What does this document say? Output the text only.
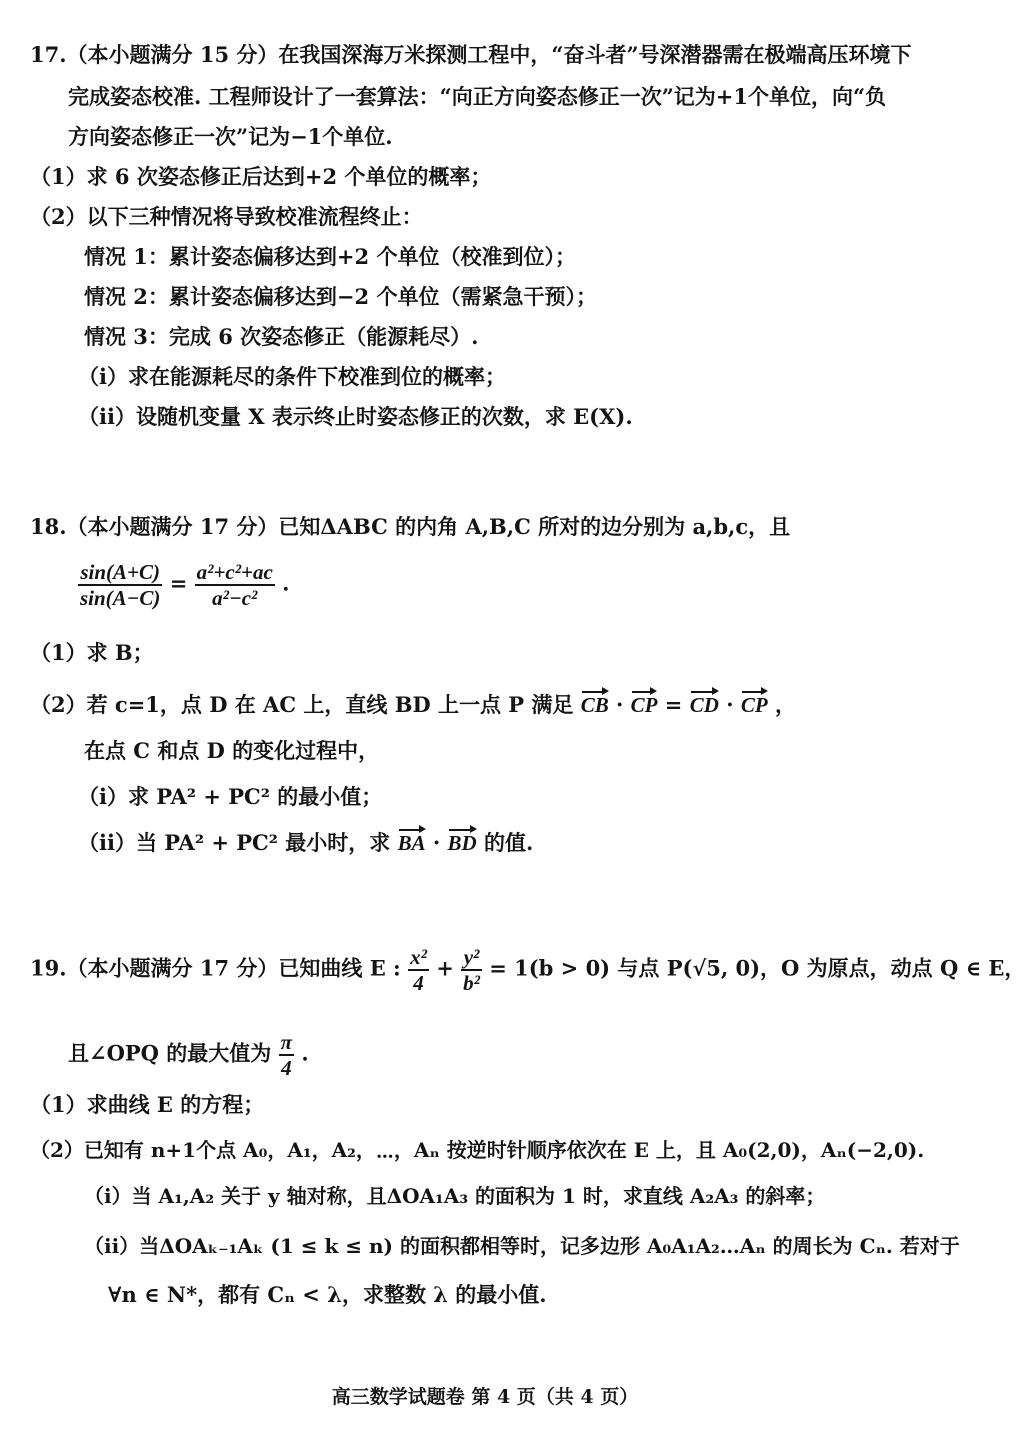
17.（本小题满分 15 分）在我国深海万米探测工程中，“奋斗者”号深潜器需在极端高压环境下
完成姿态校准. 工程师设计了一套算法：“向正方向姿态修正一次”记为+1个单位，向“负
方向姿态修正一次”记为−1个单位.
（1）求 6 次姿态修正后达到+2 个单位的概率；
（2）以下三种情况将导致校准流程终止：
情况 1：累计姿态偏移达到+2 个单位（校准到位）；
情况 2：累计姿态偏移达到−2 个单位（需紧急干预）；
情况 3：完成 6 次姿态修正（能源耗尽）.
（i）求在能源耗尽的条件下校准到位的概率；
（ii）设随机变量 X 表示终止时姿态修正的次数，求 E(X).
18.（本小题满分 17 分）已知ΔABC 的内角 A,B,C 所对的边分别为 a,b,c，且
$\frac{\sin(A+C)}{\sin(A-C)} = \frac{\text{a²+c²+ac}}{\text{a²−c²}}$ .
（1）求 B；
（2）若 c=1，点 D 在 AC 上，直线 BD 上一点 P 满足 CB · CP = CD · CP ，
在点 C 和点 D 的变化过程中，
（i）求 PA² + PC² 的最小值；
（ii）当 PA² + PC² 最小时，求 BA · BD 的值.
19.（本小题满分 17 分）已知曲线 E : $\frac{\text{x²}}{4} + \frac{\text{y²}}{\text{b²}} = 1(b > 0)$ 与点 P(√5, 0)，O 为原点，动点 Q ∈ E，
且∠OPQ 的最大值为 $\frac{\pi}{4}$ .
（1）求曲线 E 的方程；
（2）已知有 n+1个点 A₀，A₁，A₂，⋯，Aₙ 按逆时针顺序依次在 E 上，且 A₀(2,0)，Aₙ(−2,0).
（i）当 A₁,A₂ 关于 y 轴对称，且ΔOA₁A₃ 的面积为 1 时，求直线 A₂A₃ 的斜率；
（ii）当ΔOAₖ₋₁Aₖ (1 ≤ k ≤ n) 的面积都相等时，记多边形 A₀A₁A₂…Aₙ 的周长为 Cₙ. 若对于
∀n ∈ N*，都有 Cₙ < λ，求整数 λ 的最小值.
高三数学试题卷 第 4 页（共 4 页）
